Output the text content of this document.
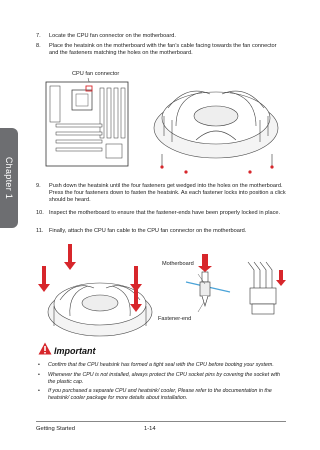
Chapter 1
7.	Locate the CPU fan connector on the motherboard.
8.	Place the heatsink on the motherboard with the fan’s cable facing towards the fan connector and the fasteners matching the holes on the motherboard.
CPU fan connector
9.	Push down the heatsink until the four fasteners get wedged into the holes on the motherboard. Press the four fasteners down to fasten the heatsink. As each fastener locks into position a click should be heard.
10. Inspect the motherboard to ensure that the fastener-ends have been properly locked in place.
11.	Finally, attach the CPU fan cable to the CPU fan connector on the motherboard.
Motherboard
Fastener-end
Important
• Confirm that the CPU heatsink has formed a tight seal with the CPU before booting your system.
• Whenever the CPU is not installed, always protect the CPU socket pins by covering the socket with the plastic cap.
• If you purchased a separate CPU and heatsink/ cooler, Please refer to the documentation in the heatsink/ cooler package for more details about installation.
Getting Started	1-14
